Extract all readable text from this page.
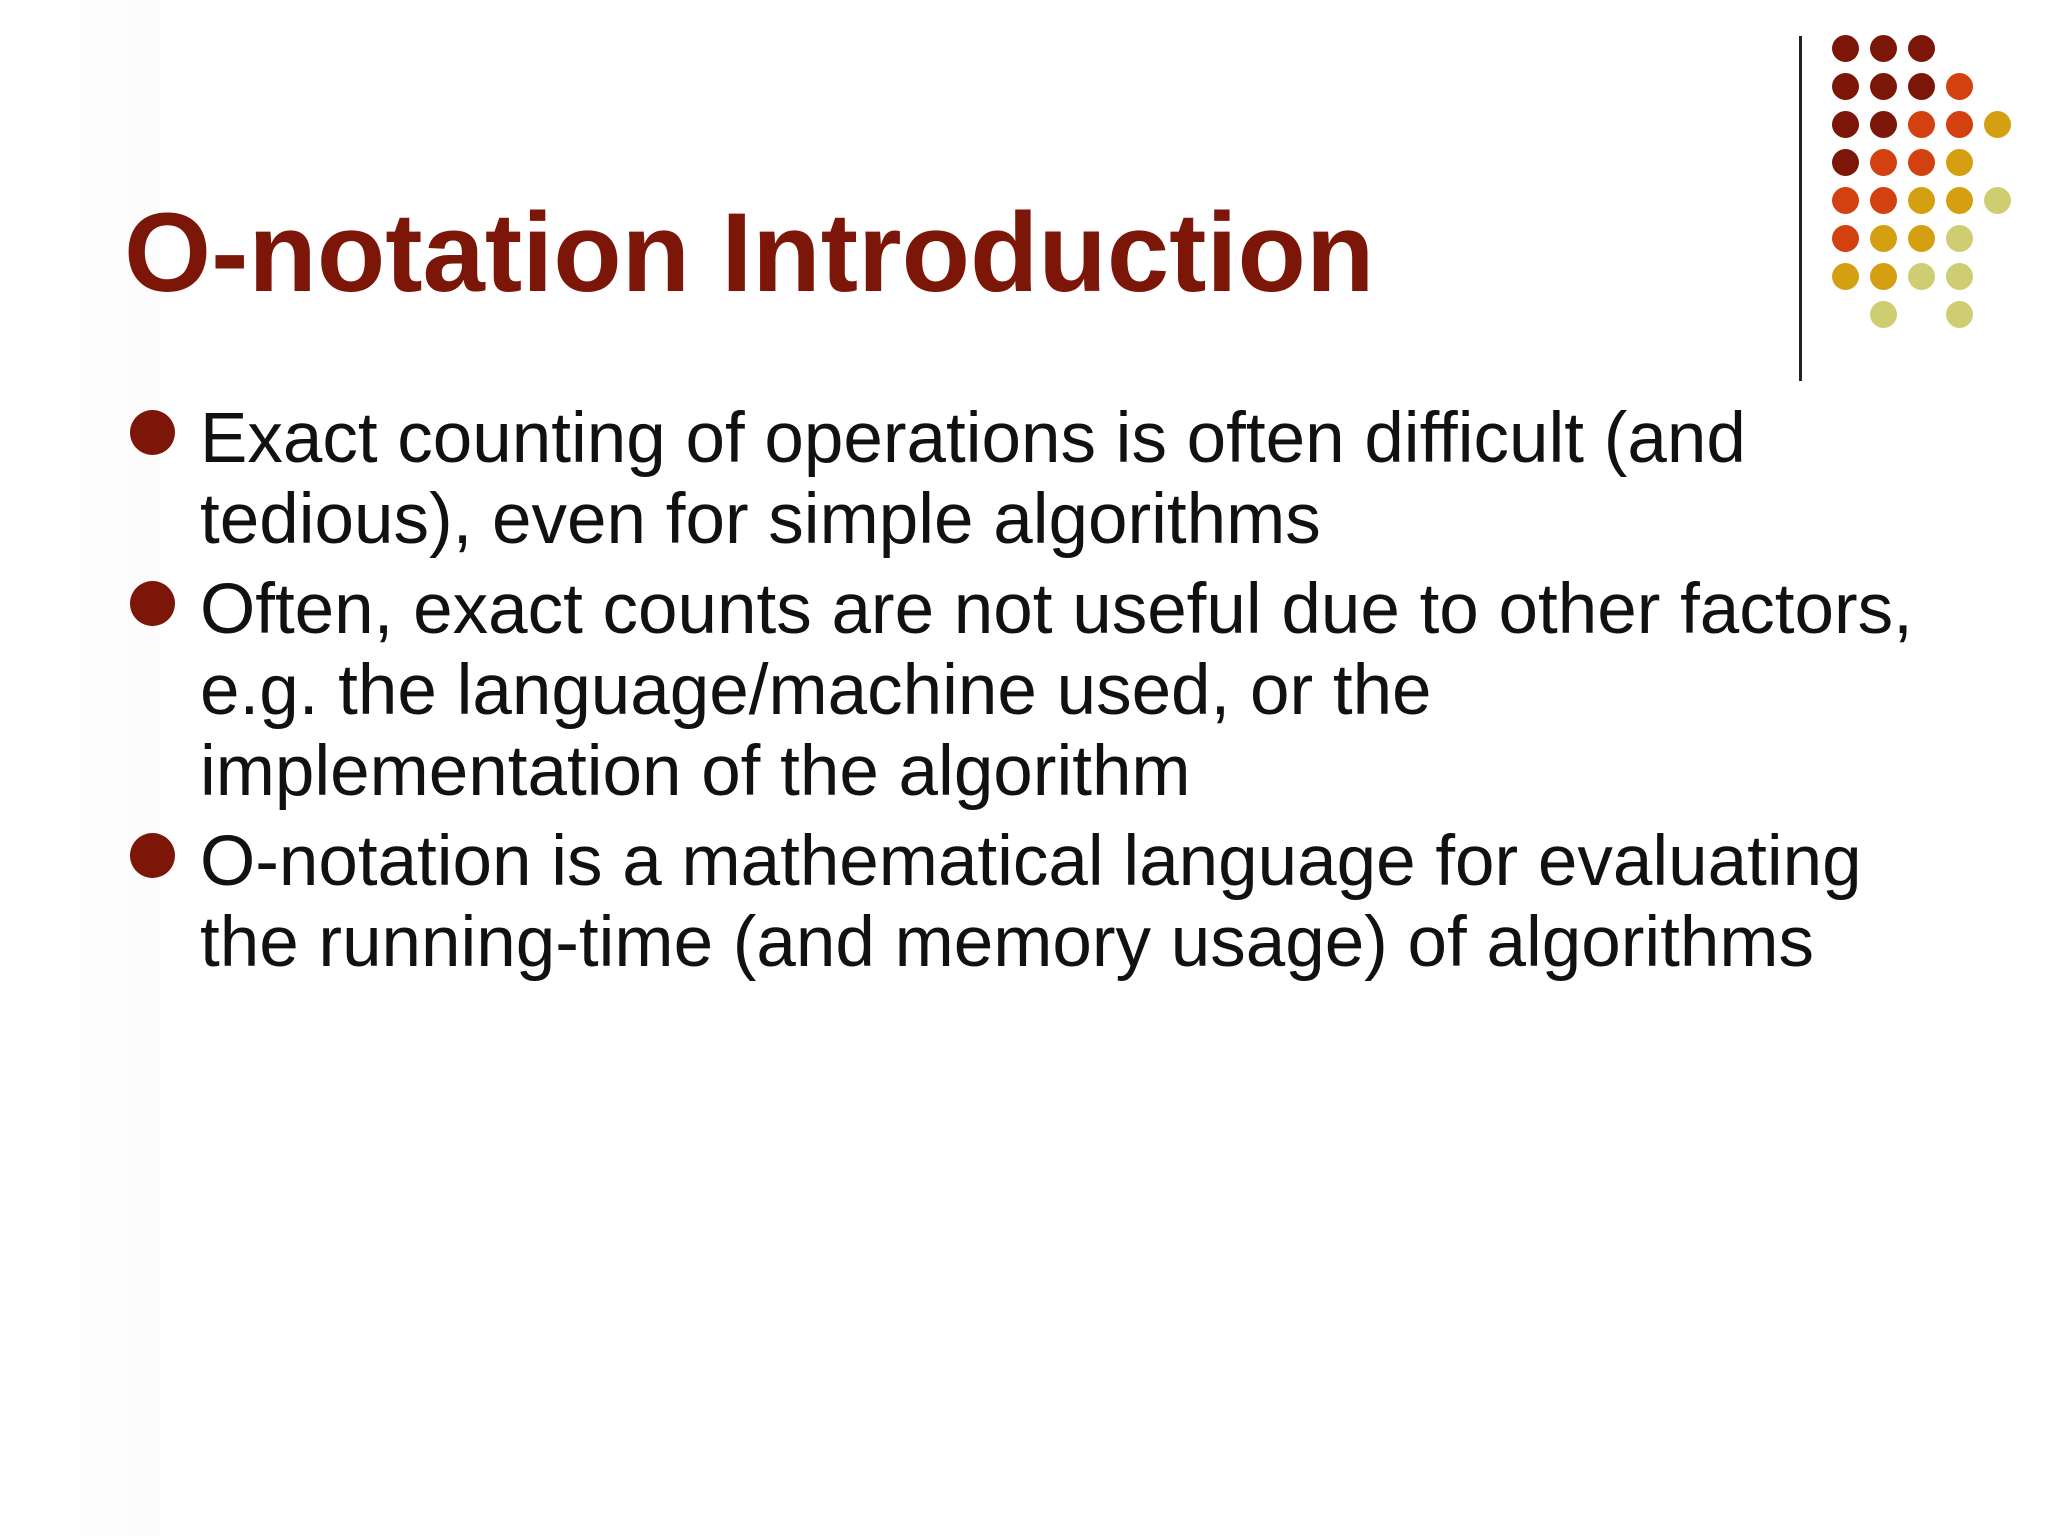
O-notation Introduction
Exact counting of operations is often difficult (and tedious), even for simple algorithms
Often, exact counts are not useful due to other factors, e.g. the language/machine used, or the implementation of the algorithm
O-notation is a mathematical language for evaluating the running-time (and memory usage) of algorithms
